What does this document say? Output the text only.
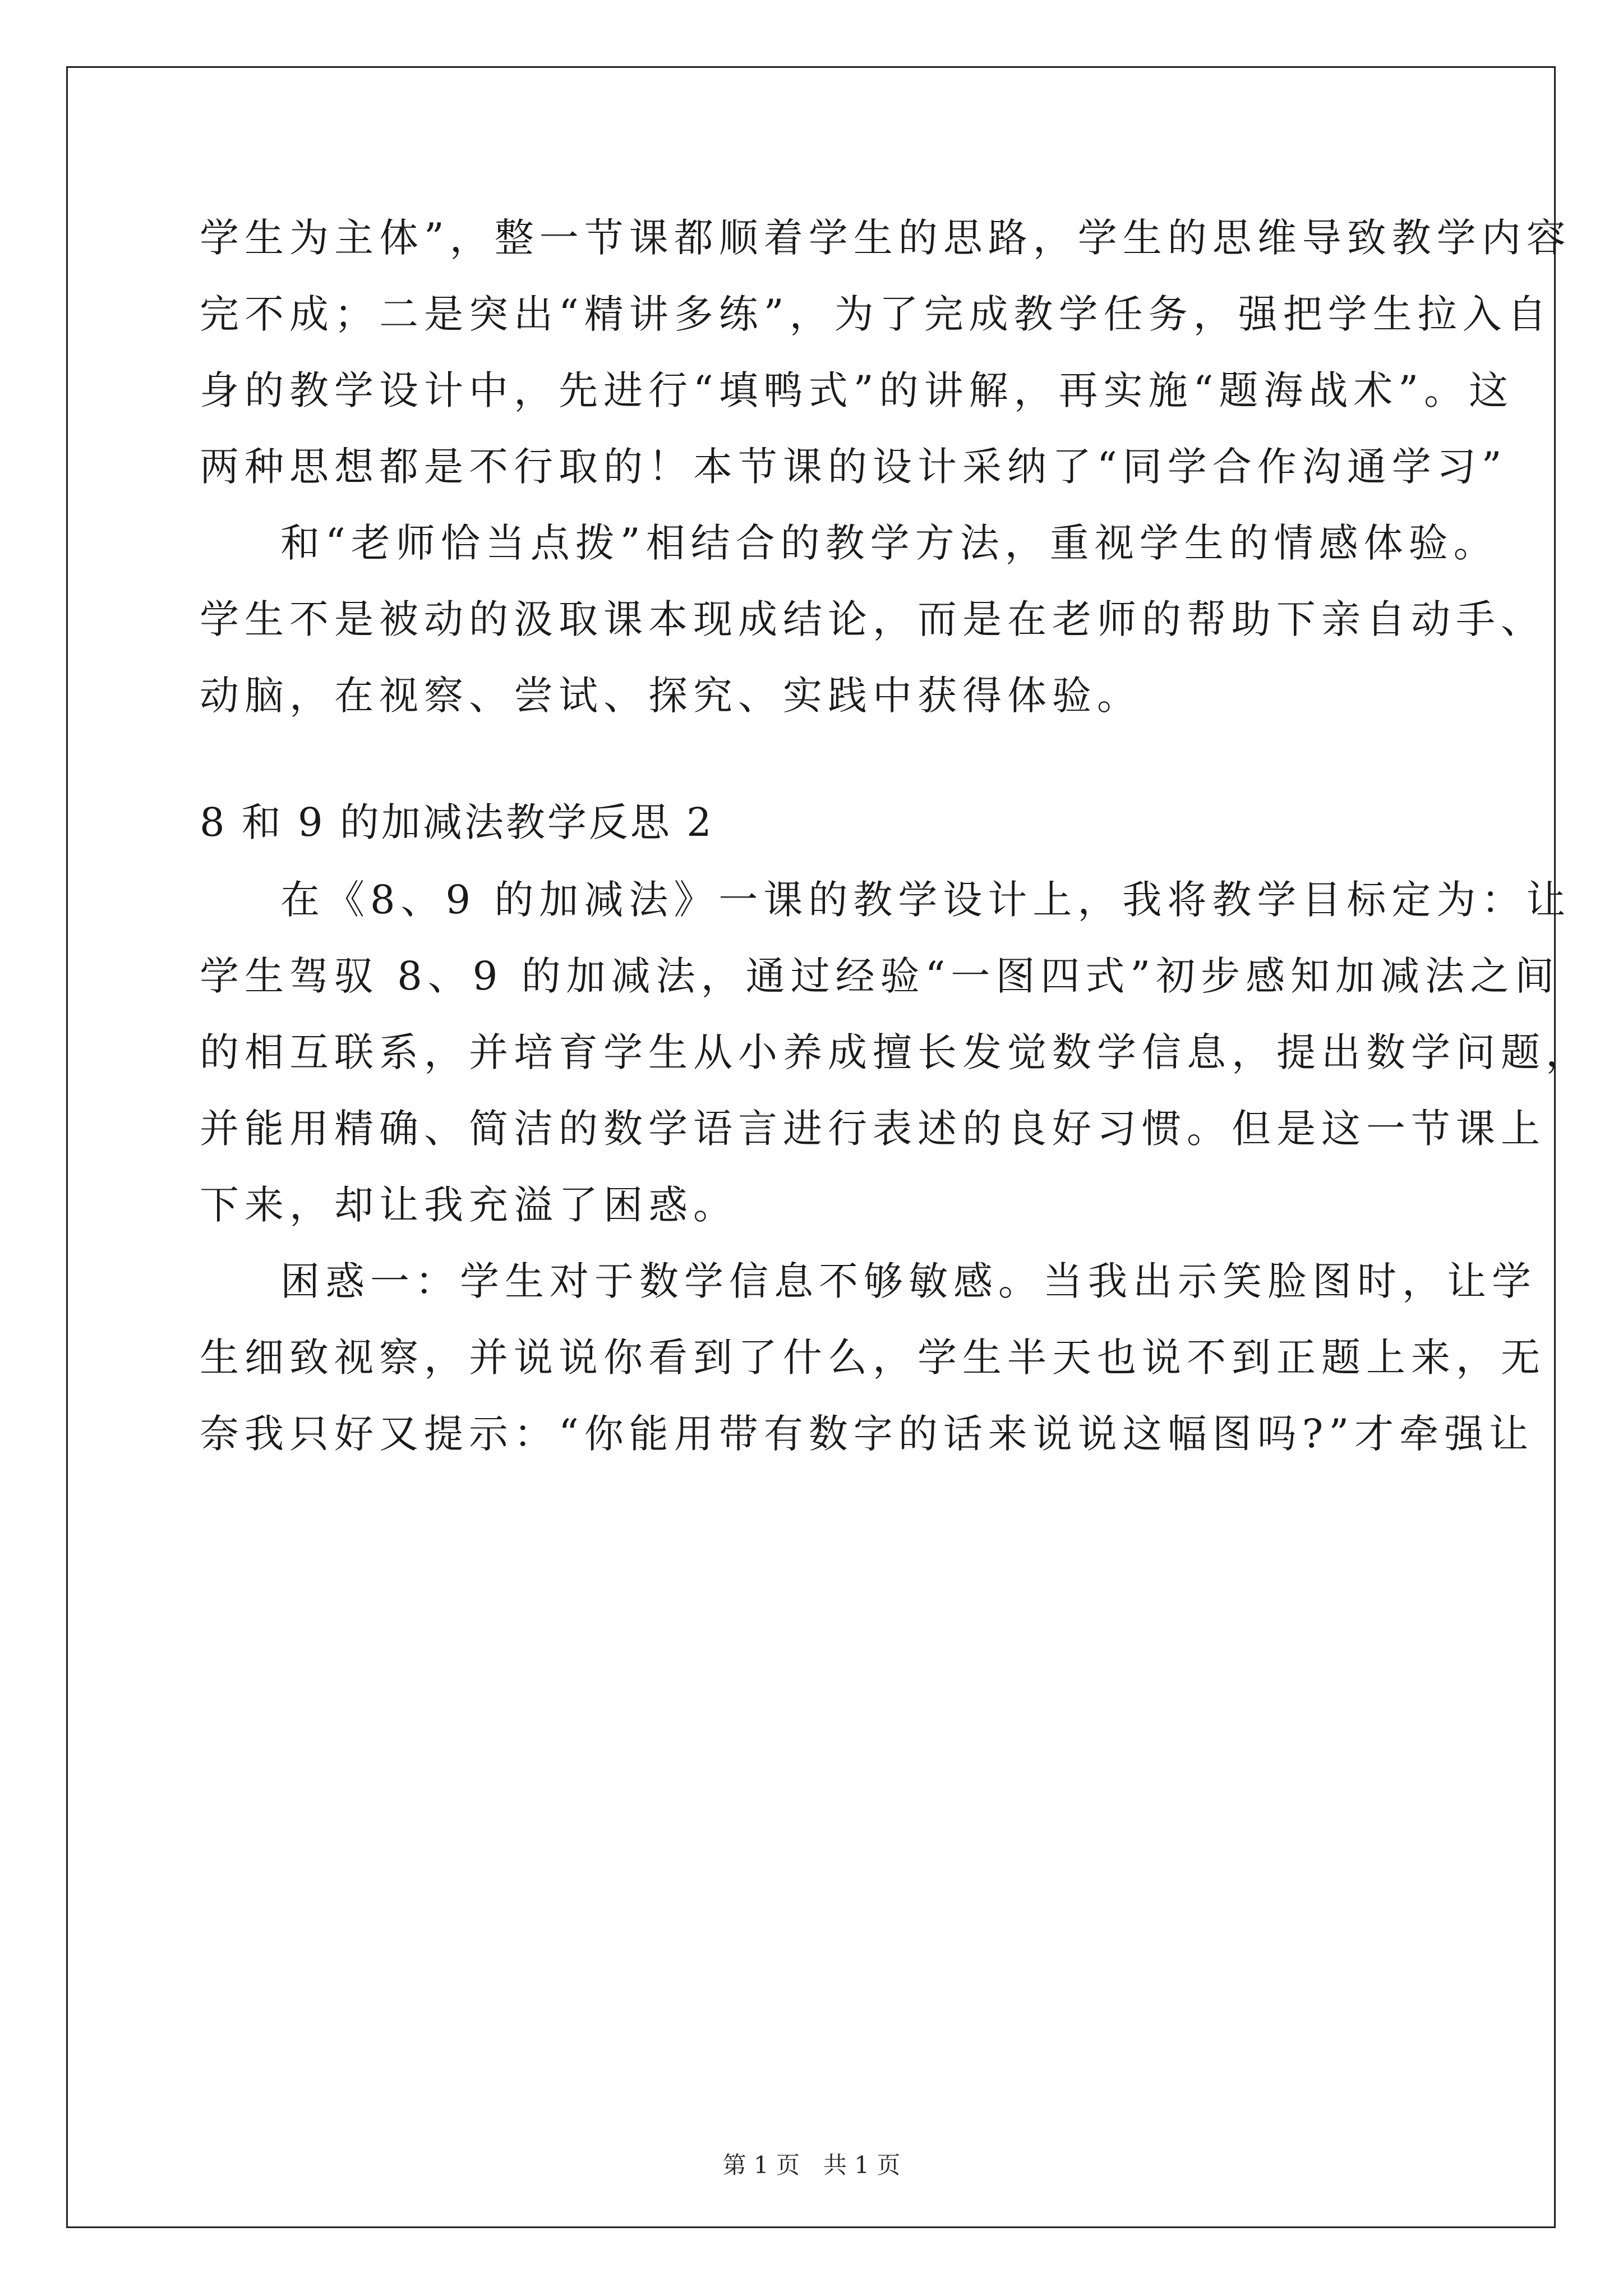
学生为主体”，整一节课都顺着学生的思路，学生的思维导致教学内容
完不成；二是突出“精讲多练”，为了完成教学任务，强把学生拉入自
身的教学设计中，先进行“填鸭式”的讲解，再实施“题海战术”。这
两种思想都是不行取的！本节课的设计采纳了“同学合作沟通学习”
和“老师恰当点拨”相结合的教学方法，重视学生的情感体验。
学生不是被动的汲取课本现成结论，而是在老师的帮助下亲自动手、
动脑，在视察、尝试、探究、实践中获得体验。
8 和 9 的加减法教学反思 2
在《8、9 的加减法》一课的教学设计上，我将教学目标定为：让
学生驾驭 8、9 的加减法，通过经验“一图四式”初步感知加减法之间
的相互联系，并培育学生从小养成擅长发觉数学信息，提出数学问题，
并能用精确、简洁的数学语言进行表述的良好习惯。但是这一节课上
下来，却让我充溢了困惑。
困惑一：学生对于数学信息不够敏感。当我出示笑脸图时，让学
生细致视察，并说说你看到了什么，学生半天也说不到正题上来，无
奈我只好又提示：“你能用带有数字的话来说说这幅图吗?”才牵强让
第 1 页　共 1 页
